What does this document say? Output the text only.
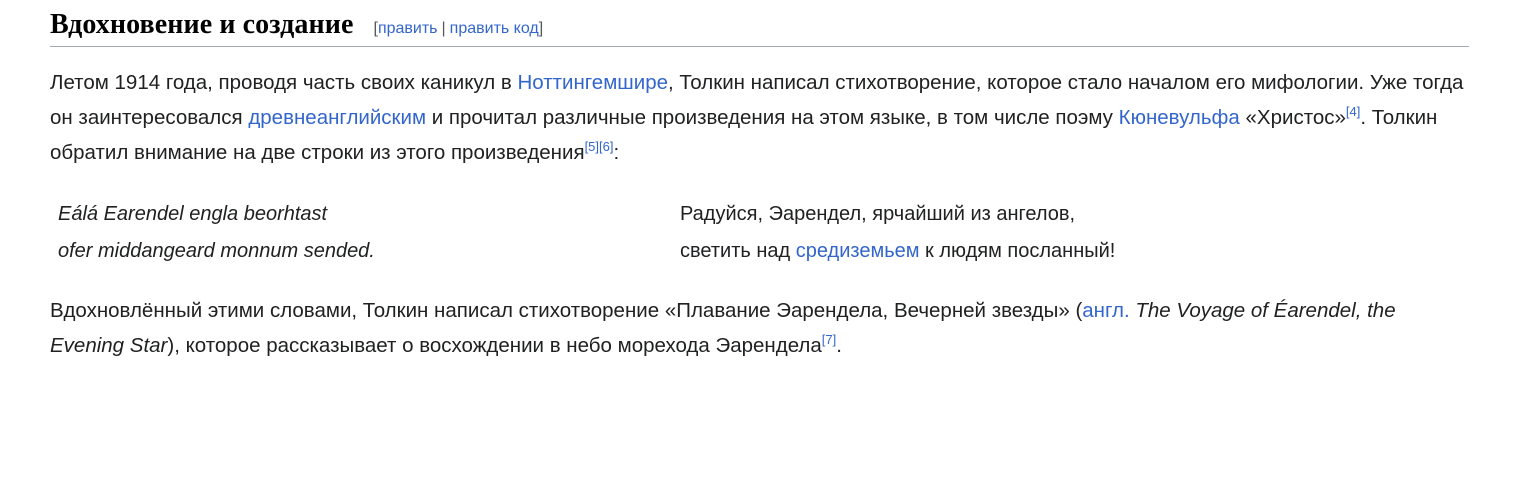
Вдохновение и создание [править | править код]

Летом 1914 года, проводя часть своих каникул в Ноттингемшире, Толкин написал стихотворение, которое стало началом его мифологии. Уже тогда он заинтересовался древнеанглийским и прочитал различные произведения на этом языке, в том числе поэму Кюневульфа «Христос»[4]. Толкин обратил внимание на две строки из этого произведения[5][6]:

Eálá Earendel engla beorhtast
ofer middangeard monnum sended.
Радуйся, Эарендел, ярчайший из ангелов,
светить над средиземьем к людям посланный!

Вдохновлённый этими словами, Толкин написал стихотворение «Плавание Эарендела, Вечерней звезды» (англ. The Voyage of Éarendel, the Evening Star), которое рассказывает о восхождении в небо морехода Эарендела[7].
